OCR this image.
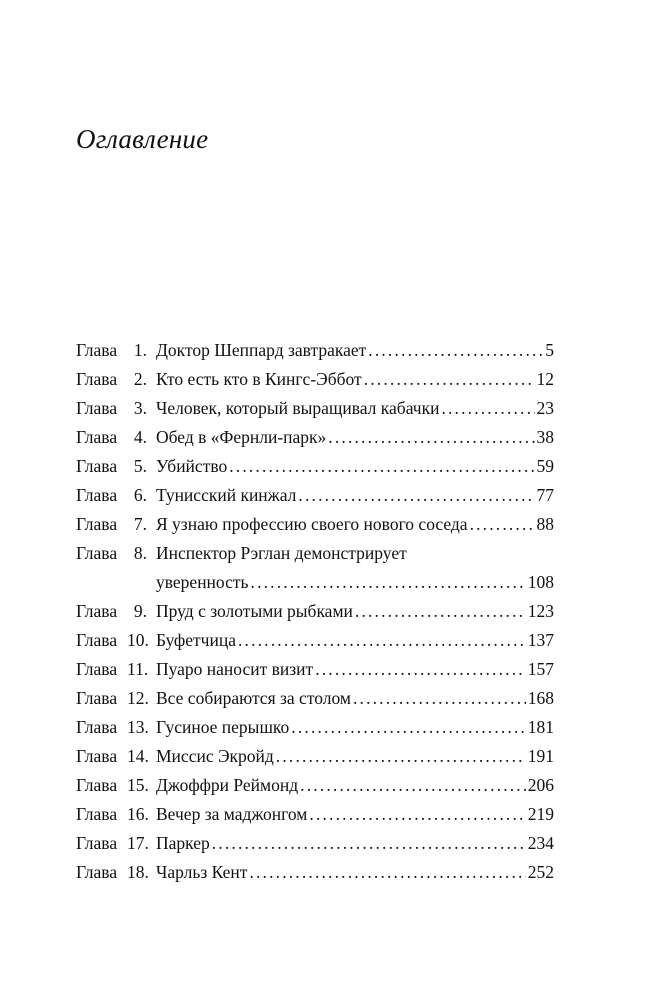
Оглавление
Глава 1. Доктор Шеппард завтракает . . .	5
Глава 2. Кто есть кто в Кингс-Эббот . . .	12
Глава 3. Человек, который выращивал кабачки . . .	23
Глава 4. Обед в «Фернли-парк» . . .	38
Глава 5. Убийство . . .	59
Глава 6. Тунисский кинжал . . .	77
Глава 7. Я узнаю профессию своего нового соседа . . .	88
Глава 8. Инспектор Рэглан демонстрирует
уверенность . . .	108
Глава 9. Пруд с золотыми рыбками . . .	123
Глава 10. Буфетчица . . .	137
Глава 11. Пуаро наносит визит . . .	157
Глава 12. Все собираются за столом . . .	168
Глава 13. Гусиное перышко . . .	181
Глава 14. Миссис Экройд . . .	191
Глава 15. Джоффри Реймонд . . .	206
Глава 16. Вечер за маджонгом . . .	219
Глава 17. Паркер . . .	234
Глава 18. Чарльз Кент . . .	252
